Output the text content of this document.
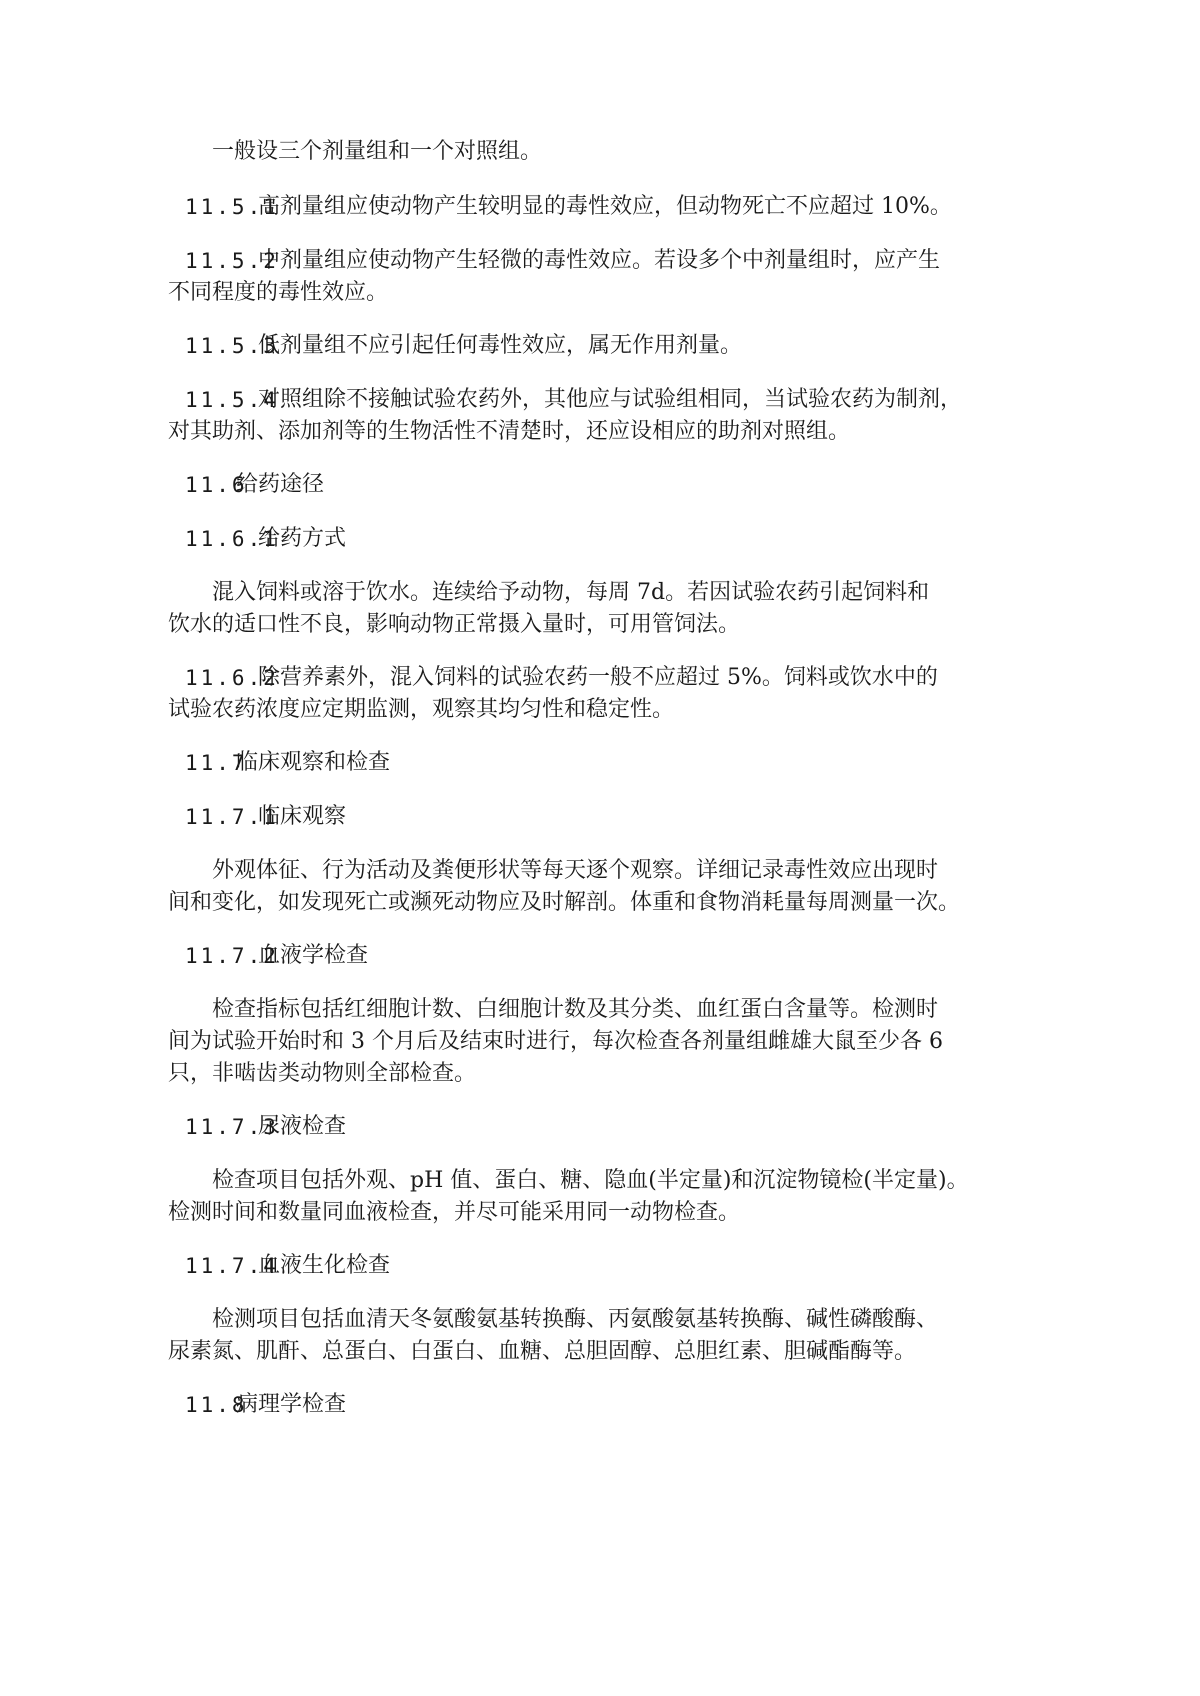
一般设三个剂量组和一个对照组。
11.5.1
高剂量组应使动物产生较明显的毒性效应，但动物死亡不应超过 10%。
11.5.2
中剂量组应使动物产生轻微的毒性效应。若设多个中剂量组时，应产生
不同程度的毒性效应。
11.5.3
低剂量组不应引起任何毒性效应，属无作用剂量。
11.5.4
对照组除不接触试验农药外，其他应与试验组相同，当试验农药为制剂，
对其助剂、添加剂等的生物活性不清楚时，还应设相应的助剂对照组。
11.6
给药途径
11.6.1
给药方式
混入饲料或溶于饮水。连续给予动物，每周 7d。若因试验农药引起饲料和
饮水的适口性不良，影响动物正常摄入量时，可用管饲法。
11.6.2
除营养素外，混入饲料的试验农药一般不应超过 5%。饲料或饮水中的
试验农药浓度应定期监测，观察其均匀性和稳定性。
11.7
临床观察和检查
11.7.1
临床观察
外观体征、行为活动及粪便形状等每天逐个观察。详细记录毒性效应出现时
间和变化，如发现死亡或濒死动物应及时解剖。体重和食物消耗量每周测量一次。
11.7.2
血液学检查
检查指标包括红细胞计数、白细胞计数及其分类、血红蛋白含量等。检测时
间为试验开始时和 3 个月后及结束时进行，每次检查各剂量组雌雄大鼠至少各 6
只，非啮齿类动物则全部检查。
11.7.3
尿液检查
检查项目包括外观、pH 值、蛋白、糖、隐血(半定量)和沉淀物镜检(半定量)。
检测时间和数量同血液检查，并尽可能采用同一动物检查。
11.7.4
血液生化检查
检测项目包括血清天冬氨酸氨基转换酶、丙氨酸氨基转换酶、碱性磷酸酶、
尿素氮、肌酐、总蛋白、白蛋白、血糖、总胆固醇、总胆红素、胆碱酯酶等。
11.8
病理学检查
